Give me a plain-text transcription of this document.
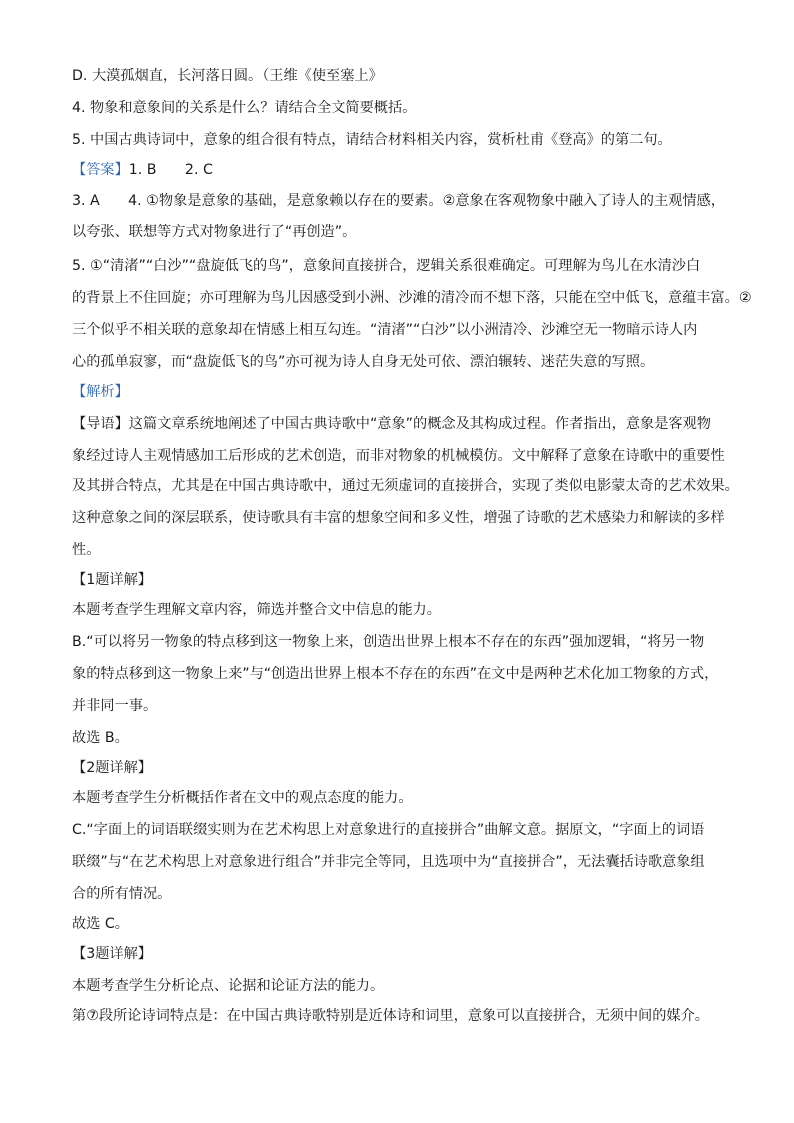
D. 大漠孤烟直，长河落日圆。（王维《使至塞上》
4. 物象和意象间的关系是什么？请结合全文简要概括。
5. 中国古典诗词中，意象的组合很有特点，请结合材料相关内容，赏析杜甫《登高》的第二句。
【答案】1. B　　2. C
3. A　　4. ①物象是意象的基础，是意象赖以存在的要素。②意象在客观物象中融入了诗人的主观情感，
以夸张、联想等方式对物象进行了“再创造”。
5. ①“清渚”“白沙”“盘旋低飞的鸟”，意象间直接拼合，逻辑关系很难确定。可理解为鸟儿在水清沙白
的背景上不住回旋；亦可理解为鸟儿因感受到小洲、沙滩的清冷而不想下落，只能在空中低飞，意蕴丰富。②
三个似乎不相关联的意象却在情感上相互勾连。“清渚”“白沙”以小洲清冷、沙滩空无一物暗示诗人内
心的孤单寂寥，而“盘旋低飞的鸟”亦可视为诗人自身无处可依、漂泊辗转、迷茫失意的写照。
【解析】
【导语】这篇文章系统地阐述了中国古典诗歌中“意象”的概念及其构成过程。作者指出，意象是客观物
象经过诗人主观情感加工后形成的艺术创造，而非对物象的机械模仿。文中解释了意象在诗歌中的重要性
及其拼合特点，尤其是在中国古典诗歌中，通过无须虚词的直接拼合，实现了类似电影蒙太奇的艺术效果。
这种意象之间的深层联系，使诗歌具有丰富的想象空间和多义性，增强了诗歌的艺术感染力和解读的多样
性。
【1题详解】
本题考查学生理解文章内容，筛选并整合文中信息的能力。
B.“可以将另一物象的特点移到这一物象上来，创造出世界上根本不存在的东西”强加逻辑，“将另一物
象的特点移到这一物象上来”与“创造出世界上根本不存在的东西”在文中是两种艺术化加工物象的方式，
并非同一事。
故选 B。
【2题详解】
本题考查学生分析概括作者在文中的观点态度的能力。
C.“字面上的词语联缀实则为在艺术构思上对意象进行的直接拼合”曲解文意。据原文，“字面上的词语
联缀”与“在艺术构思上对意象进行组合”并非完全等同，且选项中为“直接拼合”，无法囊括诗歌意象组
合的所有情况。
故选 C。
【3题详解】
本题考查学生分析论点、论据和论证方法的能力。
第⑦段所论诗词特点是：在中国古典诗歌特别是近体诗和词里，意象可以直接拼合，无须中间的媒介。
